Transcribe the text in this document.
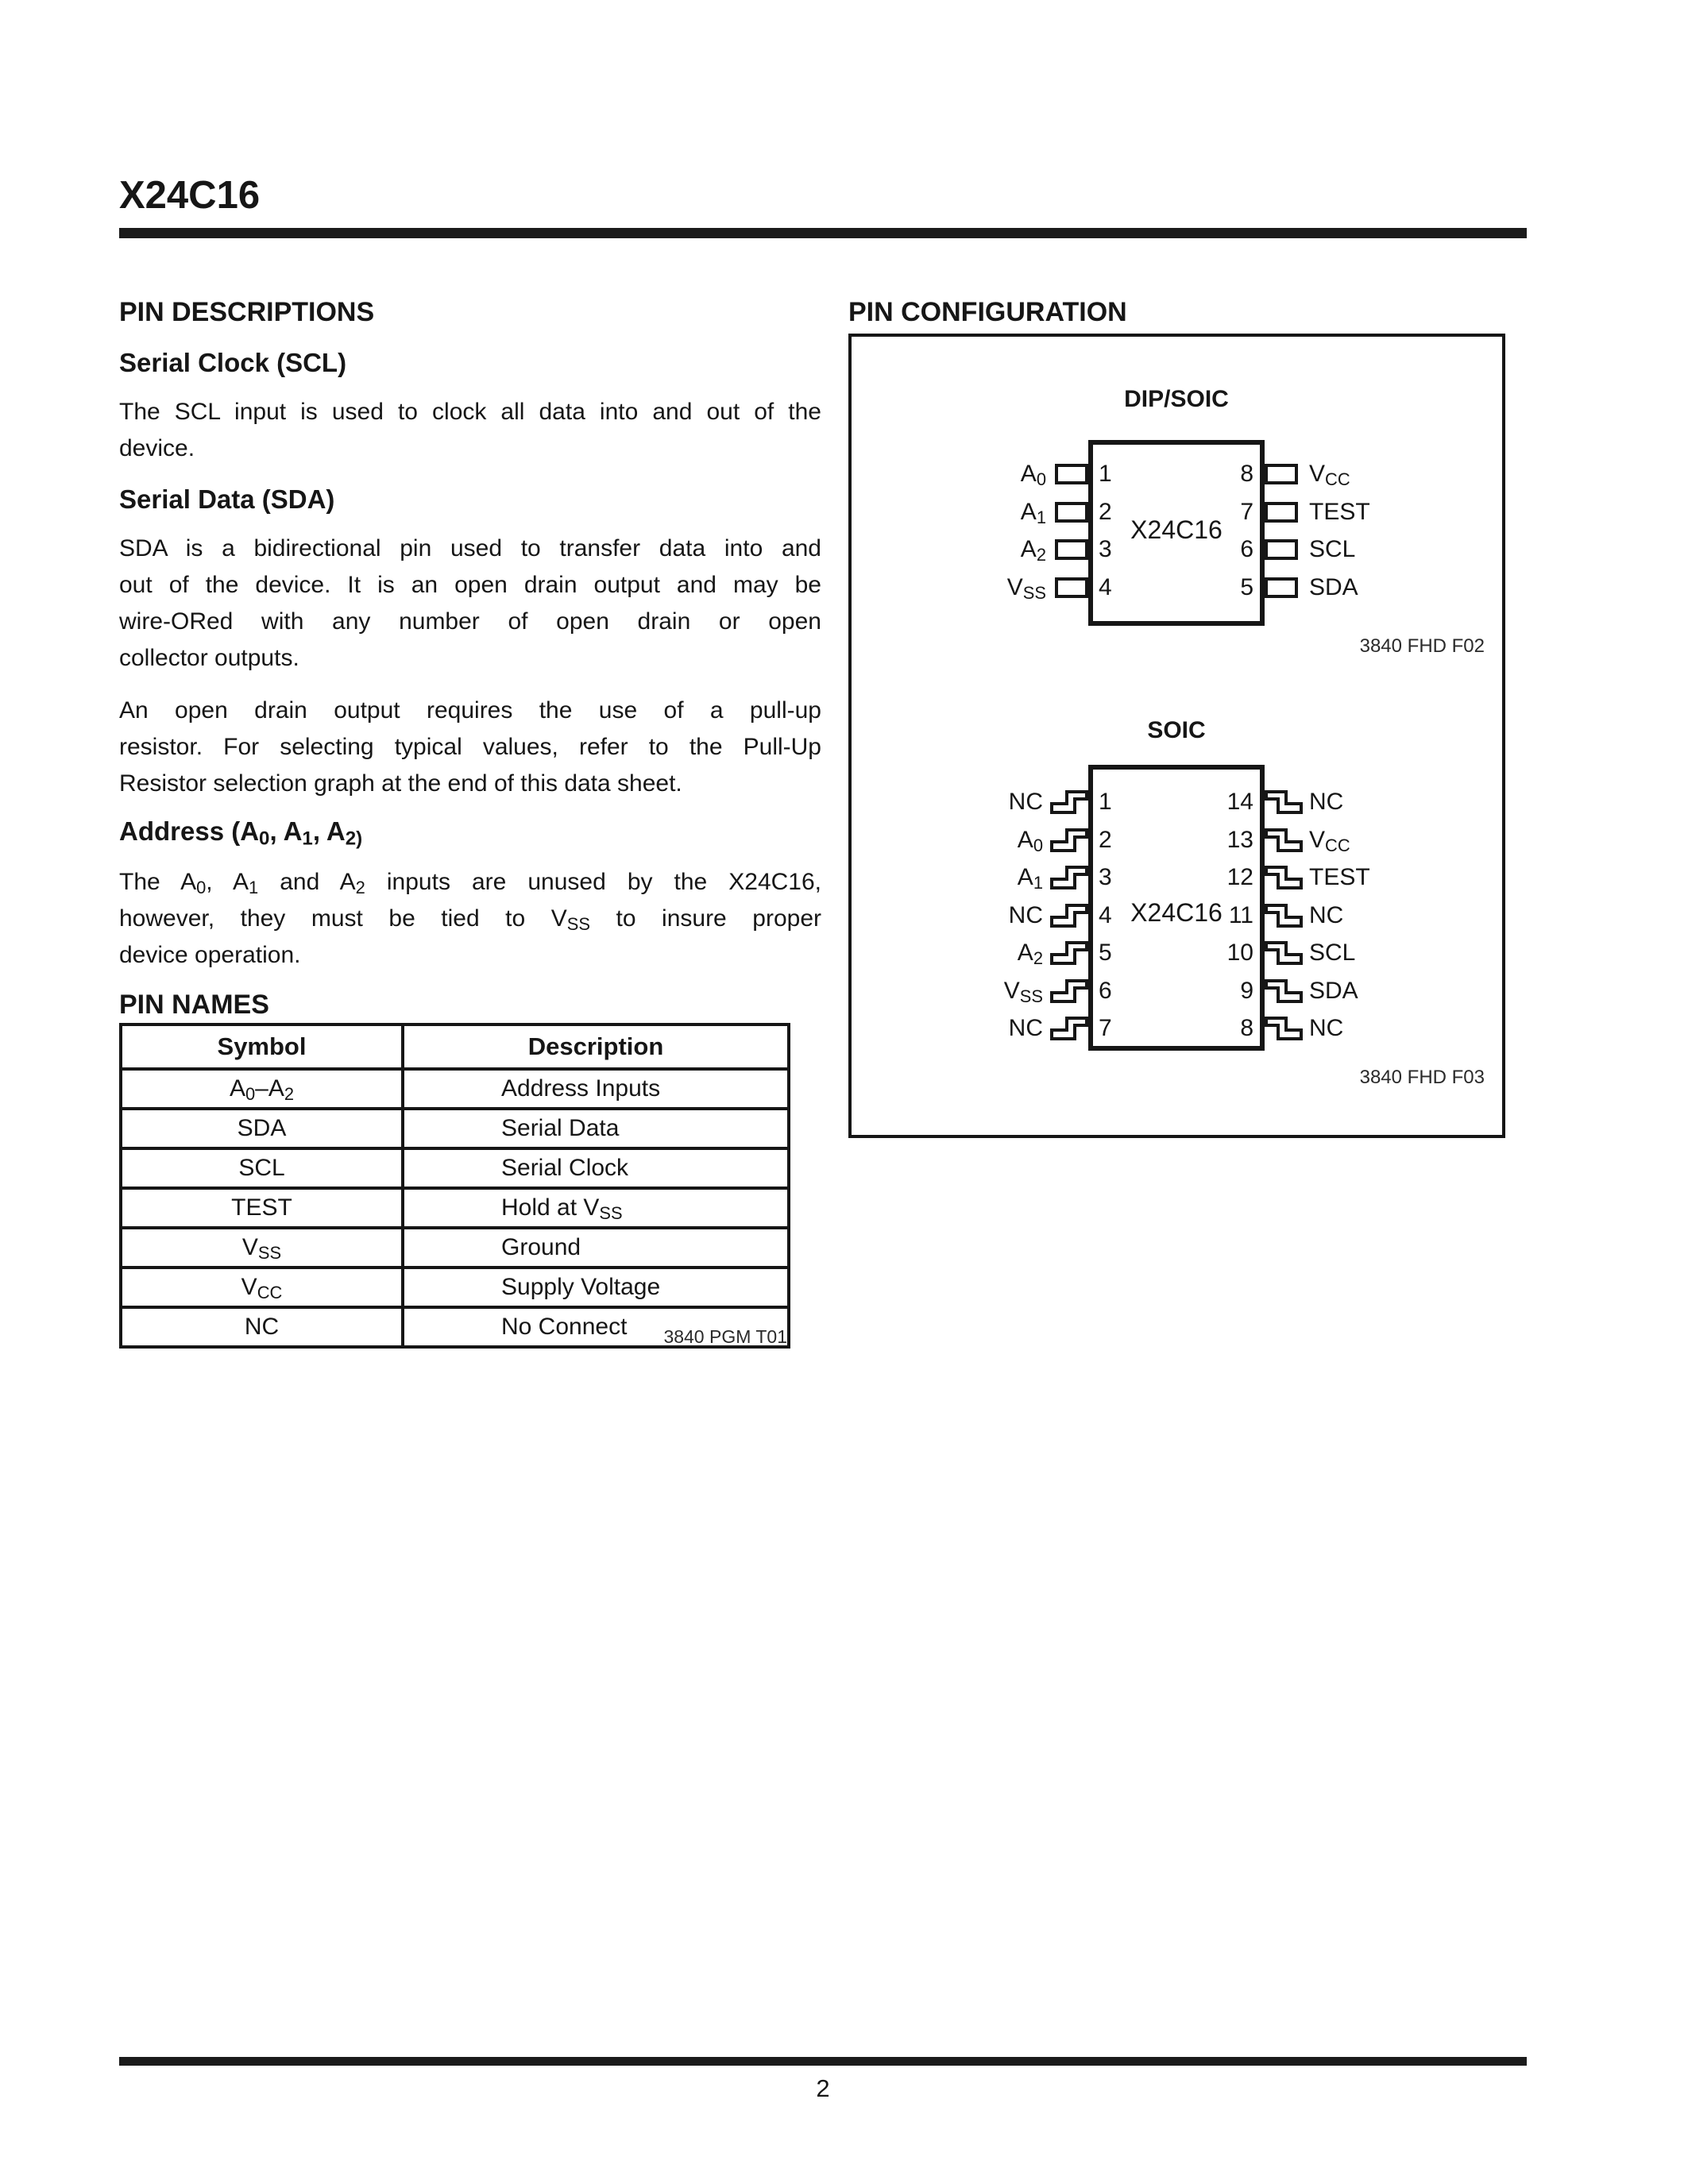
X24C16
PIN DESCRIPTIONS	PIN CONFIGURATION
Serial Clock (SCL)
The SCL input is used to clock all data into and out of the
device.
Serial Data (SDA)
SDA is a bidirectional pin used to transfer data into and
out of the device. It is an open drain output and may be
wire-ORed with any number of open drain or open
collector outputs.
An open drain output requires the use of a pull-up
resistor. For selecting typical values, refer to the Pull-Up
Resistor selection graph at the end of this data sheet.
Address ($A_0$, $A_1$, $A_{2)}$
The $A_0$, $A_1$ and $A_2$ inputs are unused by the X24C16,
however, they must be tied to $V_{SS}$ to insure proper
device operation.
PIN NAMES
Symbol	Description
$A_0-A_2$	Address Inputs
SDA	Serial Data
SCL	Serial Clock
TEST	Hold at $V_{SS}$
$V_{SS}$	Ground
$V_{CC}$	Supply Voltage
NC	No Connect	3840 PGM T01
DIP/SOIC
X24C16
$A_0$ 1
$A_1$ 2
$A_2$ 3
$V_{SS}$ 4
8 $V_{CC}$
7 TEST
6 SCL
5 SDA
3840 FHD F02
SOIC
X24C16
NC 1
$A_0$ 2
$A_1$ 3
NC 4
$A_2$ 5
$V_{SS}$ 6
NC 7
14 NC
13 $V_{CC}$
12 TEST
11 NC
10 SCL
9 SDA
8 NC
3840 FHD F03
2
